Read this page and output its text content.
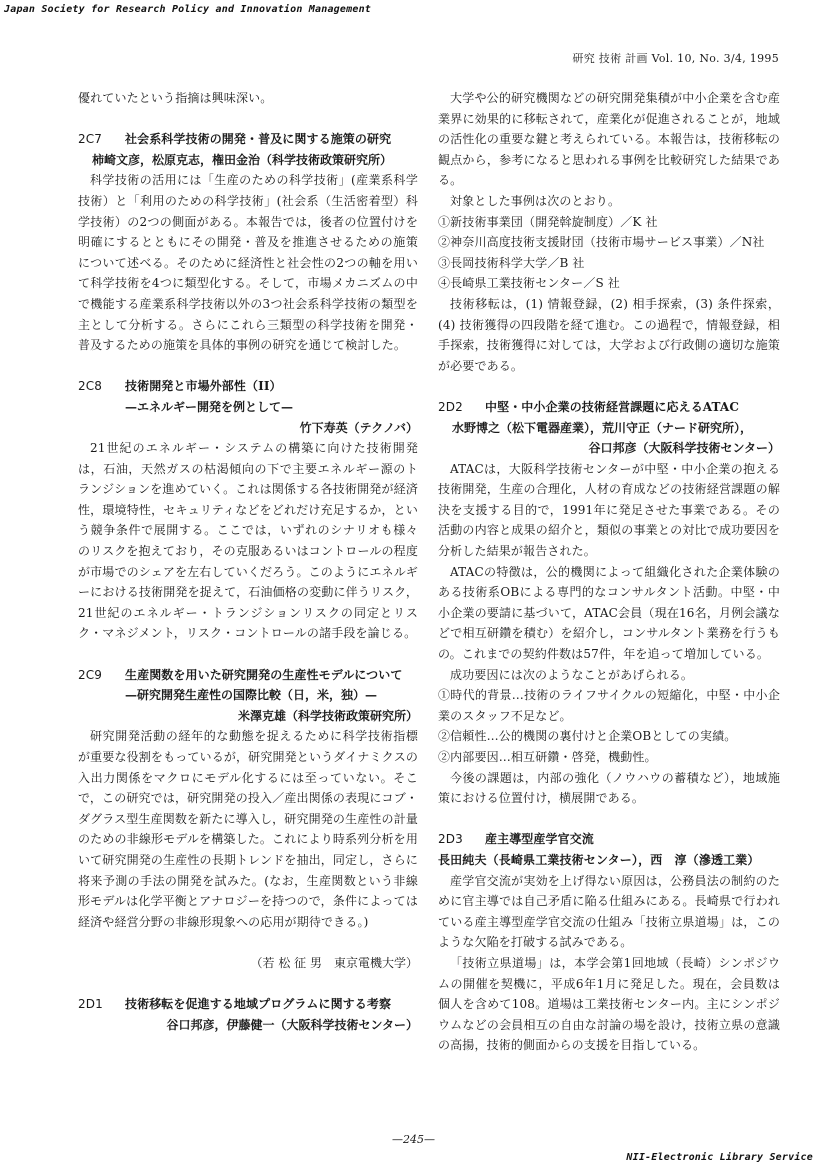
Japan Society for Research Policy and Innovation Management
研究 技術 計画 Vol. 10, No. 3/4, 1995

優れていたという指摘は興味深い。

2C7	社会系科学技術の開発・普及に関する施策の研究
柿崎文彦，松原克志，権田金治（科学技術政策研究所）

科学技術の活用には「生産のための科学技術」(産業系科学技術）と「利用のための科学技術」(社会系（生活密着型）科学技術）の2つの側面がある。本報告では，後者の位置付けを明確にするとともにその開発・普及を推進させるための施策について述べる。そのために経済性と社会性の2つの軸を用いて科学技術を4つに類型化する。そして，市場メカニズムの中で機能する産業系科学技術以外の3つ社会系科学技術の類型を主として分析する。さらにこれら三類型の科学技術を開発・普及するための施策を具体的事例の研究を通じて検討した。

2C8	技術開発と市場外部性（II）
—エネルギー開発を例として—
竹下寿英（テクノバ）

21世紀のエネルギー・システムの構築に向けた技術開発は，石油，天然ガスの枯渇傾向の下で主要エネルギー源のトランジションを進めていく。これは関係する各技術開発が経済性，環境特性，セキュリティなどをどれだけ充足するか，という競争条件で展開する。ここでは，いずれのシナリオも様々のリスクを抱えており，その克服あるいはコントロールの程度が市場でのシェアを左右していくだろう。このようにエネルギーにおける技術開発を捉えて，石油価格の変動に伴うリスク，21世紀のエネルギー・トランジションリスクの同定とリスク・マネジメント，リスク・コントロールの諸手段を論じる。

2C9	生産関数を用いた研究開発の生産性モデルについて
—研究開発生産性の国際比較（日，米，独）—
米澤克雄（科学技術政策研究所）

研究開発活動の経年的な動態を捉えるために科学技術指標が重要な役割をもっているが，研究開発というダイナミクスの入出力関係をマクロにモデル化するには至っていない。そこで，この研究では，研究開発の投入／産出関係の表現にコブ・ダグラス型生産関数を新たに導入し，研究開発の生産性の計量のための非線形モデルを構築した。これにより時系列分析を用いて研究開発の生産性の長期トレンドを抽出，同定し，さらに将来予測の手法の開発を試みた。(なお，生産関数という非線形モデルは化学平衡とアナロジーを持つので，条件によっては経済や経営分野の非線形現象への応用が期待できる。)

（若 松 征 男　東京電機大学）
2D1	技術移転を促進する地域プログラムに関する考察
谷口邦彦，伊藤健一（大阪科学技術センター）

大学や公的研究機関などの研究開発集積が中小企業を含む産業界に効果的に移転されて，産業化が促進されることが，地域の活性化の重要な鍵と考えられている。本報告は，技術移転の観点から，参考になると思われる事例を比較研究した結果である。

対象とした事例は次のとおり。

①新技術事業団（開発斡旋制度）／K 社
②神奈川高度技術支援財団（技術市場サービス事業）／N社
③長岡技術科学大学／B 社
④長崎県工業技術センター／S 社

技術移転は，(1) 情報登録，(2) 相手探索，(3) 条件探索，(4) 技術獲得の四段階を経て進む。この過程で，情報登録，相手探索，技術獲得に対しては，大学および行政側の適切な施策が必要である。

2D2	中堅・中小企業の技術経営課題に応えるATAC
水野博之（松下電器産業），荒川守正（ナード研究所），
谷口邦彦（大阪科学技術センター）

ATACは，大阪科学技術センターが中堅・中小企業の抱える技術開発，生産の合理化，人材の育成などの技術経営課題の解決を支援する目的で，1991年に発足させた事業である。その活動の内容と成果の紹介と，類似の事業との対比で成功要因を分析した結果が報告された。

ATACの特徴は，公的機関によって組織化された企業体験のある技術系OBによる専門的なコンサルタント活動。中堅・中小企業の要請に基づいて，ATAC会員（現在16名，月例会議などで相互研鑽を積む）を紹介し，コンサルタント業務を行うもの。これまでの契約件数は57件，年を追って増加している。

成功要因には次のようなことがあげられる。

①時代的背景…技術のライフサイクルの短縮化，中堅・中小企業のスタッフ不足など。

②信頼性…公的機関の裏付けと企業OBとしての実績。

②内部要因…相互研鑽・啓発，機動性。

今後の課題は，内部の強化（ノウハウの蓄積など），地域施策における位置付け，横展開である。

2D3	産主導型産学官交流
長田純夫（長崎県工業技術センター），西　淳（滲透工業）

産学官交流が実効を上げ得ない原因は，公務員法の制約のために官主導では自己矛盾に陥る仕組みにある。長崎県で行われている産主導型産学官交流の仕組み「技術立県道場」は，このような欠陥を打破する試みである。

「技術立県道場」は，本学会第1回地域（長崎）シンポジウムの開催を契機に，平成6年1月に発足した。現在，会員数は個人を含めて108。道場は工業技術センター内。主にシンポジウムなどの会員相互の自由な討論の場を設け，技術立県の意識の高揚，技術的側面からの支援を目指している。

—245—
NII-Electronic Library Service
